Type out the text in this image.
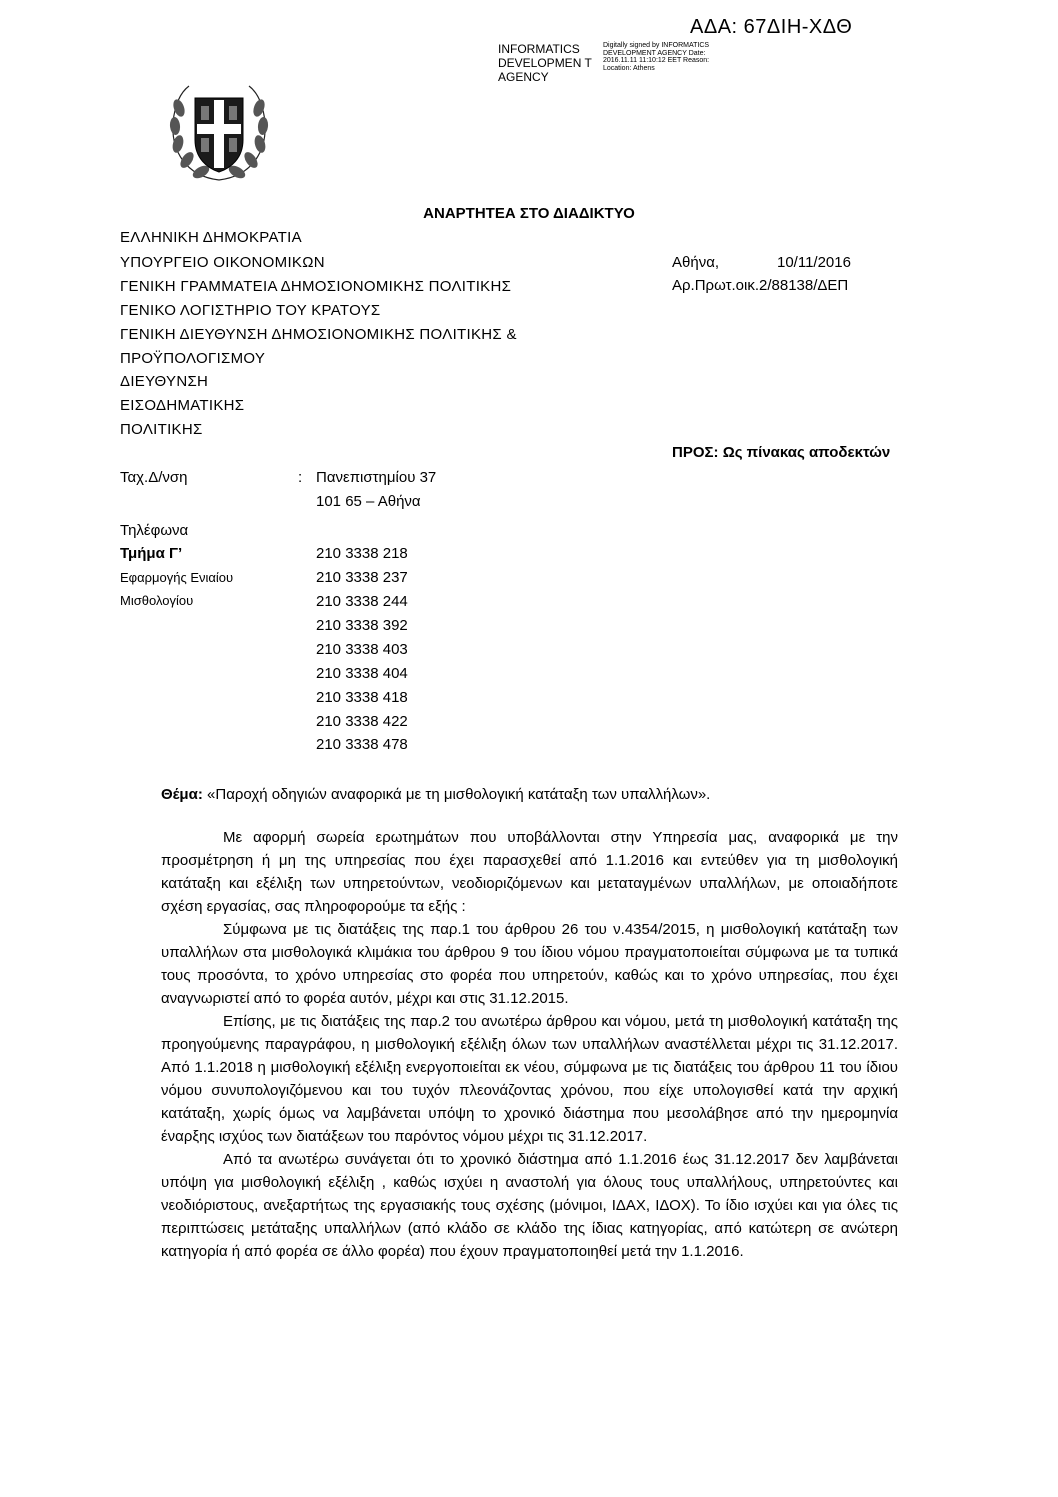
ΑΔΑ: 67ΔΙΗ-ΧΔΘ
INFORMATICS DEVELOPMEN T AGENCY
Digitally signed by INFORMATICS DEVELOPMENT AGENCY Date: 2016.11.11 11:10:12 EET Reason: Location: Athens
ΑΝΑΡΤΗΤΕΑ ΣΤΟ ΔΙΑΔΙΚΤΥΟ
ΕΛΛΗΝΙΚΗ ΔΗΜΟΚΡΑΤΙΑ
ΥΠΟΥΡΓΕΙΟ ΟΙΚΟΝΟΜΙΚΩΝ
ΓΕΝΙΚΗ ΓΡΑΜΜΑΤΕΙΑ ΔΗΜΟΣΙΟΝΟΜΙΚΗΣ ΠΟΛΙΤΙΚΗΣ
ΓΕΝΙΚΟ ΛΟΓΙΣΤΗΡΙΟ ΤΟΥ ΚΡΑΤΟΥΣ
ΓΕΝΙΚΗ ΔΙΕΥΘΥΝΣΗ ΔΗΜΟΣΙΟΝΟΜΙΚΗΣ ΠΟΛΙΤΙΚΗΣ &
ΠΡΟΫΠΟΛΟΓΙΣΜΟΥ
ΔΙΕΥΘΥΝΣΗ
ΕΙΣΟΔΗΜΑΤΙΚΗΣ
ΠΟΛΙΤΙΚΗΣ
Αθήνα,	10/11/2016
Αρ.Πρωτ.οικ.2/88138/ΔΕΠ
ΠΡΟΣ: Ως πίνακας αποδεκτών
Ταχ.Δ/νση	: Πανεπιστημίου 37
101 65 – Αθήνα
Τηλέφωνα
Τμήμα Γ’
Εφαρμογής Ενιαίου
Μισθολογίου
210 3338 218
210 3338 237
210 3338 244
210 3338 392
210 3338 403
210 3338 404
210 3338 418
210 3338 422
210 3338 478
Θέμα: «Παροχή οδηγιών αναφορικά με τη μισθολογική κατάταξη των υπαλλήλων».

Με αφορμή σωρεία ερωτημάτων που υποβάλλονται στην Υπηρεσία μας, αναφορικά με την προσμέτρηση ή μη της υπηρεσίας που έχει παρασχεθεί από 1.1.2016 και εντεύθεν για τη μισθολογική κατάταξη και εξέλιξη των υπηρετούντων, νεοδιοριζόμενων και μεταταγμένων υπαλλήλων, με οποιαδήποτε σχέση εργασίας, σας πληροφορούμε τα εξής :

Σύμφωνα με τις διατάξεις της παρ.1 του άρθρου 26 του ν.4354/2015, η μισθολογική κατάταξη των υπαλλήλων στα μισθολογικά κλιμάκια του άρθρου 9 του ίδιου νόμου πραγματοποιείται σύμφωνα με τα τυπικά τους προσόντα, το χρόνο υπηρεσίας στο φορέα που υπηρετούν, καθώς και το χρόνο υπηρεσίας, που έχει αναγνωριστεί από το φορέα αυτόν, μέχρι και στις 31.12.2015.

Επίσης, με τις διατάξεις της παρ.2 του ανωτέρω άρθρου και νόμου, μετά τη μισθολογική κατάταξη της προηγούμενης παραγράφου, η μισθολογική εξέλιξη όλων των υπαλλήλων αναστέλλεται μέχρι τις 31.12.2017. Από 1.1.2018 η μισθολογική εξέλιξη ενεργοποιείται εκ νέου, σύμφωνα με τις διατάξεις του άρθρου 11 του ίδιου νόμου συνυπολογιζόμενου και του τυχόν πλεονάζοντας χρόνου, που είχε υπολογισθεί κατά την αρχική κατάταξη, χωρίς όμως να λαμβάνεται υπόψη το χρονικό διάστημα που μεσολάβησε από την ημερομηνία έναρξης ισχύος των διατάξεων του παρόντος νόμου μέχρι τις 31.12.2017.

Από τα ανωτέρω συνάγεται ότι το χρονικό διάστημα από 1.1.2016 έως 31.12.2017 δεν λαμβάνεται υπόψη για μισθολογική εξέλιξη , καθώς ισχύει η αναστολή για όλους τους υπαλλήλους, υπηρετούντες και νεοδιόριστους, ανεξαρτήτως της εργασιακής τους σχέσης (μόνιμοι, ΙΔΑΧ, ΙΔΟΧ). Το ίδιο ισχύει και για όλες τις περιπτώσεις μετάταξης υπαλλήλων (από κλάδο σε κλάδο της ίδιας κατηγορίας, από κατώτερη σε ανώτερη κατηγορία ή από φορέα σε άλλο φορέα) που έχουν πραγματοποιηθεί μετά την 1.1.2016.
